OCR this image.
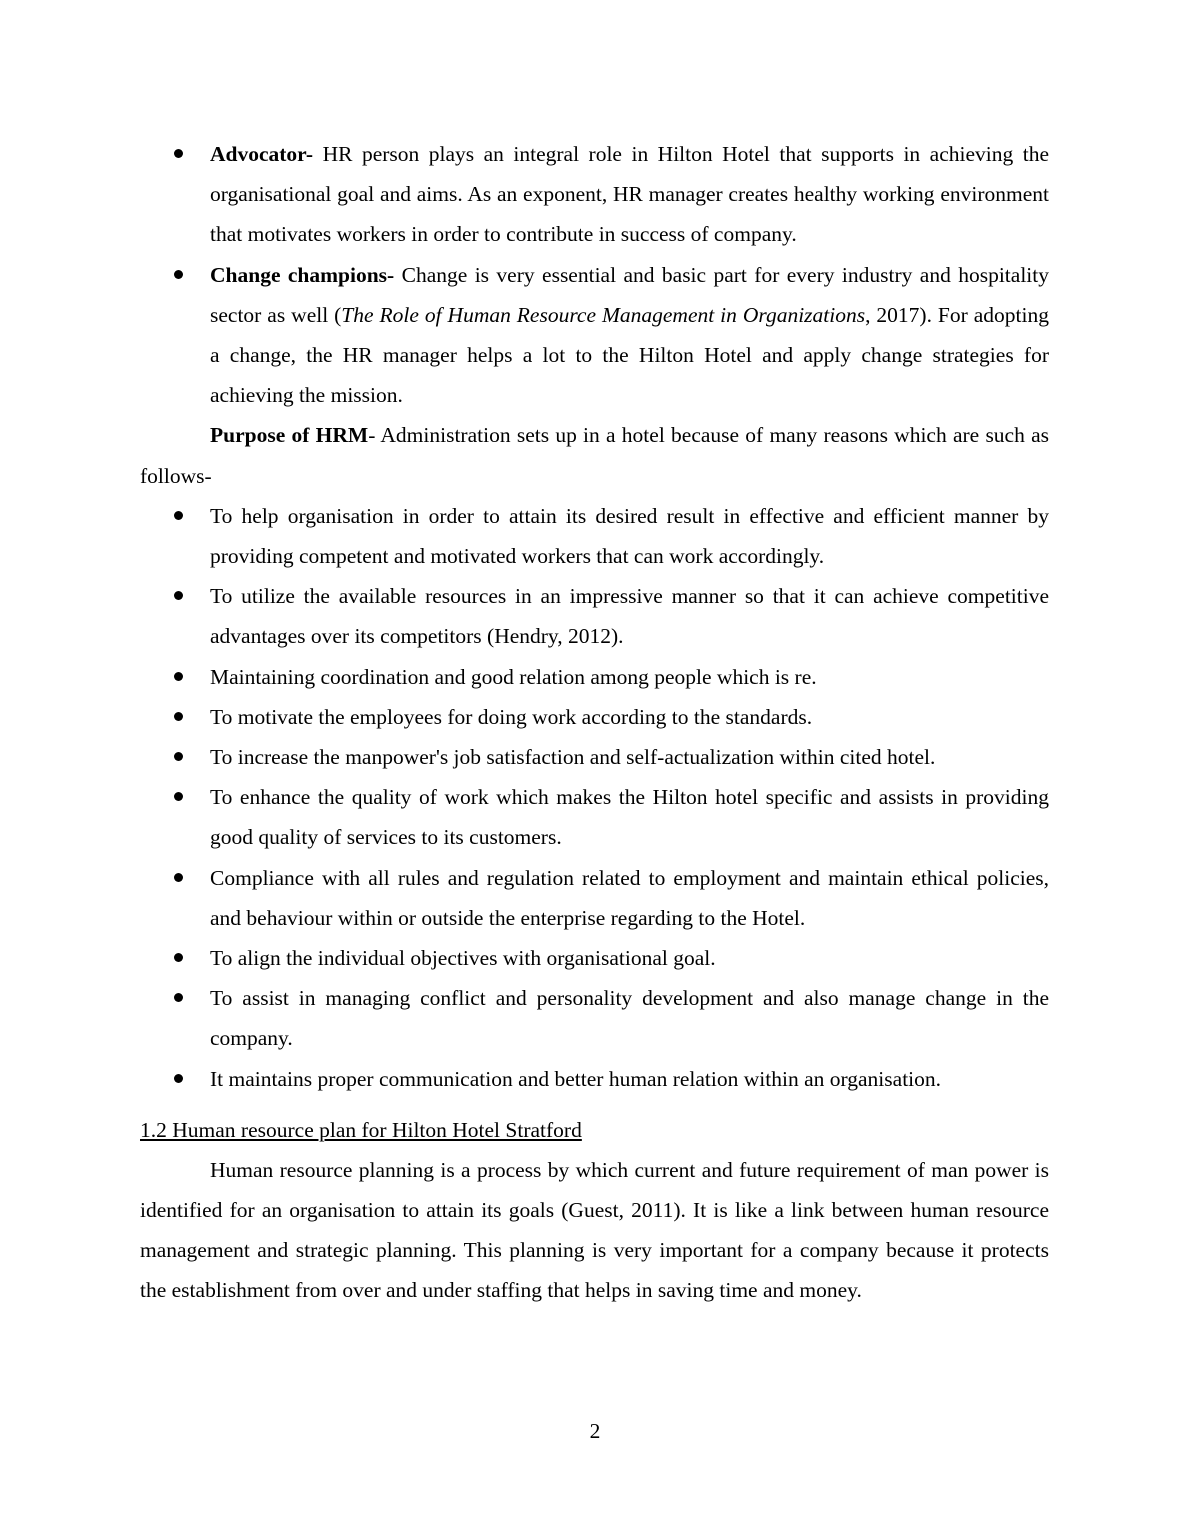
Advocator- HR person plays an integral role in Hilton Hotel that supports in achieving the organisational goal and aims. As an exponent, HR manager creates healthy working environment that motivates workers in order to contribute in success of company.
Change champions- Change is very essential and basic part for every industry and hospitality sector as well (The Role of Human Resource Management in Organizations, 2017). For adopting a change, the HR manager helps a lot to the Hilton Hotel and apply change strategies for achieving the mission.

Purpose of HRM- Administration sets up in a hotel because of many reasons which are such as follows-

To help organisation in order to attain its desired result in effective and efficient manner by providing competent and motivated workers that can work accordingly.
To utilize the available resources in an impressive manner so that it can achieve competitive advantages over its competitors (Hendry, 2012).
Maintaining coordination and good relation among people which is re.
To motivate the employees for doing work according to the standards.
To increase the manpower's job satisfaction and self-actualization within cited hotel.
To enhance the quality of work which makes the Hilton hotel specific and assists in providing good quality of services to its customers.
Compliance with all rules and regulation related to employment and maintain ethical policies, and behaviour within or outside the enterprise regarding to the Hotel.
To align the individual objectives with organisational goal.
To assist in managing conflict and personality development and also manage change in the company.
It maintains proper communication and better human relation within an organisation.
1.2 Human resource plan for Hilton Hotel Stratford

Human resource planning is a process by which current and future requirement of man power is identified for an organisation to attain its goals (Guest, 2011). It is like a link between human resource management and strategic planning. This planning is very important for a company because it protects the establishment from over and under staffing that helps in saving time and money.

2
